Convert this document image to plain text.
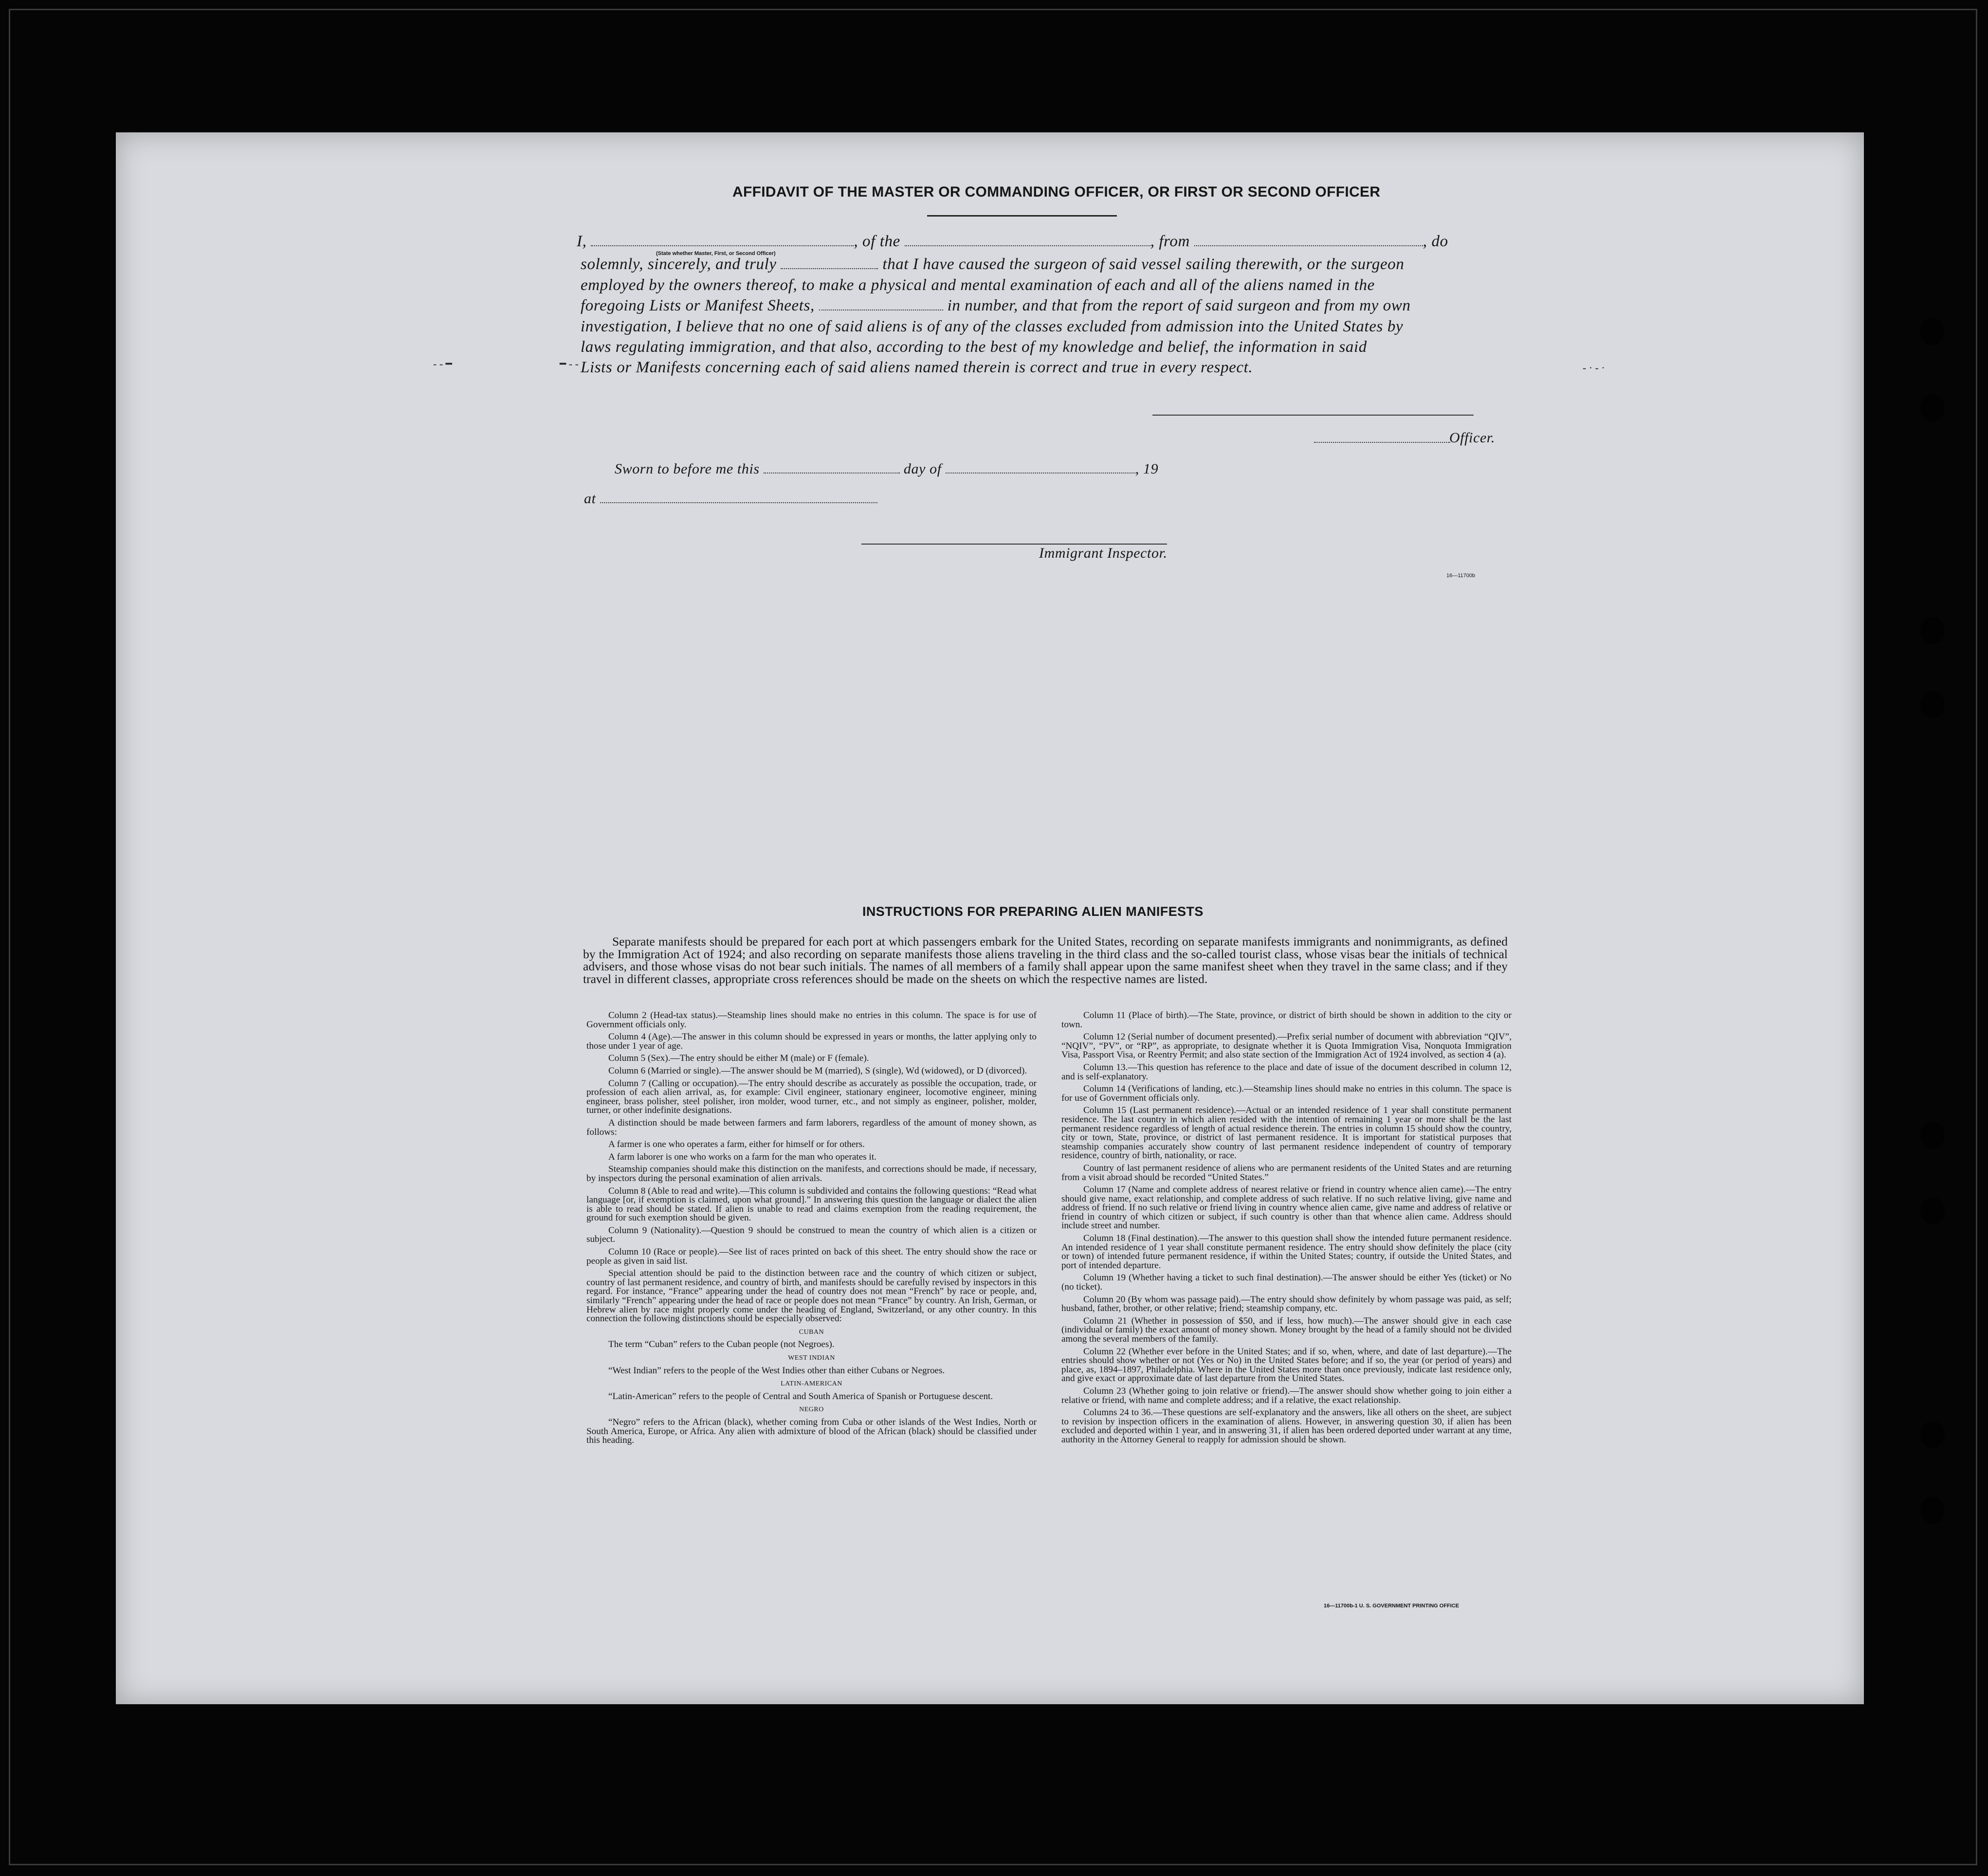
AFFIDAVIT OF THE MASTER OR COMMANDING OFFICER, OR FIRST OR SECOND OFFICER
I,	, of the	, from	, do
(State whether Master, First, or Second Officer)
solemnly, sincerely, and truly	that I have caused the surgeon of said vessel sailing therewith, or the surgeon
employed by the owners thereof, to make a physical and mental examination of each and all of the aliens named in the
foregoing Lists or Manifest Sheets,	in number, and that from the report of said surgeon and from my own
investigation, I believe that no one of said aliens is of any of the classes excluded from admission into the United States by
laws regulating immigration, and that also, according to the best of my knowledge and belief, the information in said
Lists or Manifests concerning each of said aliens named therein is correct and true in every respect.
- - ━	━ - -	- · - ·
Officer.
Sworn to before me this	day of	, 19
at
Immigrant Inspector.
16—11700b
INSTRUCTIONS FOR PREPARING ALIEN MANIFESTS

Separate manifests should be prepared for each port at which passengers embark for the United States, recording on separate manifests immigrants and nonimmigrants, as defined by the Immigration Act of 1924; and also recording on separate manifests those aliens traveling in the third class and the so-called tourist class, whose visas bear the initials of technical advisers, and those whose visas do not bear such initials. The names of all members of a family shall appear upon the same manifest sheet when they travel in the same class; and if they travel in different classes, appropriate cross references should be made on the sheets on which the respective names are listed.

Column 2 (Head-tax status).—Steamship lines should make no entries in this column. The space is for use of Government officials only.

Column 4 (Age).—The answer in this column should be expressed in years or months, the latter applying only to those under 1 year of age.

Column 5 (Sex).—The entry should be either M (male) or F (female).

Column 6 (Married or single).—The answer should be M (married), S (single), Wd (widowed), or D (divorced).

Column 7 (Calling or occupation).—The entry should describe as accurately as possible the occupation, trade, or profession of each alien arrival, as, for example: Civil engineer, stationary engineer, locomotive engineer, mining engineer, brass polisher, steel polisher, iron molder, wood turner, etc., and not simply as engineer, polisher, molder, turner, or other indefinite designations.

A distinction should be made between farmers and farm laborers, regardless of the amount of money shown, as follows:

A farmer is one who operates a farm, either for himself or for others.

A farm laborer is one who works on a farm for the man who operates it.

Steamship companies should make this distinction on the manifests, and corrections should be made, if necessary, by inspectors during the personal examination of alien arrivals.

Column 8 (Able to read and write).—This column is subdivided and contains the following questions: “Read what language [or, if exemption is claimed, upon what ground].” In answering this question the language or dialect the alien is able to read should be stated. If alien is unable to read and claims exemption from the reading requirement, the ground for such exemption should be given.

Column 9 (Nationality).—Question 9 should be construed to mean the country of which alien is a citizen or subject.

Column 10 (Race or people).—See list of races printed on back of this sheet. The entry should show the race or people as given in said list.

Special attention should be paid to the distinction between race and the country of which citizen or subject, country of last permanent residence, and country of birth, and manifests should be carefully revised by inspectors in this regard. For instance, “France” appearing under the head of country does not mean “French” by race or people, and, similarly “French” appearing under the head of race or people does not mean “France” by country. An Irish, German, or Hebrew alien by race might properly come under the heading of England, Switzerland, or any other country. In this connection the following distinctions should be especially observed:

CUBAN

The term “Cuban” refers to the Cuban people (not Negroes).

WEST INDIAN

“West Indian” refers to the people of the West Indies other than either Cubans or Negroes.

LATIN-AMERICAN

“Latin-American” refers to the people of Central and South America of Spanish or Portuguese descent.

NEGRO

“Negro” refers to the African (black), whether coming from Cuba or other islands of the West Indies, North or South America, Europe, or Africa. Any alien with admixture of blood of the African (black) should be classified under this heading.

Column 11 (Place of birth).—The State, province, or district of birth should be shown in addition to the city or town.

Column 12 (Serial number of document presented).—Prefix serial number of document with abbreviation “QIV”, “NQIV”, “PV”, or “RP”, as appropriate, to designate whether it is Quota Immigration Visa, Nonquota Immigration Visa, Passport Visa, or Reentry Permit; and also state section of the Immigration Act of 1924 involved, as section 4 (a).

Column 13.—This question has reference to the place and date of issue of the document described in column 12, and is self-explanatory.

Column 14 (Verifications of landing, etc.).—Steamship lines should make no entries in this column. The space is for use of Government officials only.

Column 15 (Last permanent residence).—Actual or an intended residence of 1 year shall constitute permanent residence. The last country in which alien resided with the intention of remaining 1 year or more shall be the last permanent residence regardless of length of actual residence therein. The entries in column 15 should show the country, city or town, State, province, or district of last permanent residence. It is important for statistical purposes that steamship companies accurately show country of last permanent residence independent of country of temporary residence, country of birth, nationality, or race.

Country of last permanent residence of aliens who are permanent residents of the United States and are returning from a visit abroad should be recorded “United States.”

Column 17 (Name and complete address of nearest relative or friend in country whence alien came).—The entry should give name, exact relationship, and complete address of such relative. If no such relative living, give name and address of friend. If no such relative or friend living in country whence alien came, give name and address of relative or friend in country of which citizen or subject, if such country is other than that whence alien came. Address should include street and number.

Column 18 (Final destination).—The answer to this question shall show the intended future permanent residence. An intended residence of 1 year shall constitute permanent residence. The entry should show definitely the place (city or town) of intended future permanent residence, if within the United States; country, if outside the United States, and port of intended departure.

Column 19 (Whether having a ticket to such final destination).—The answer should be either Yes (ticket) or No (no ticket).

Column 20 (By whom was passage paid).—The entry should show definitely by whom passage was paid, as self; husband, father, brother, or other relative; friend; steamship company, etc.

Column 21 (Whether in possession of $50, and if less, how much).—The answer should give in each case (individual or family) the exact amount of money shown. Money brought by the head of a family should not be divided among the several members of the family.

Column 22 (Whether ever before in the United States; and if so, when, where, and date of last departure).—The entries should show whether or not (Yes or No) in the United States before; and if so, the year (or period of years) and place, as, 1894–1897, Philadelphia. Where in the United States more than once previously, indicate last residence only, and give exact or approximate date of last departure from the United States.

Column 23 (Whether going to join relative or friend).—The answer should show whether going to join either a relative or friend, with name and complete address; and if a relative, the exact relationship.

Columns 24 to 36.—These questions are self-explanatory and the answers, like all others on the sheet, are subject to revision by inspection officers in the examination of aliens. However, in answering question 30, if alien has been excluded and deported within 1 year, and in answering 31, if alien has been ordered deported under warrant at any time, authority in the Attorney General to reapply for admission should be shown.

16—11700b-1 U. S. GOVERNMENT PRINTING OFFICE
